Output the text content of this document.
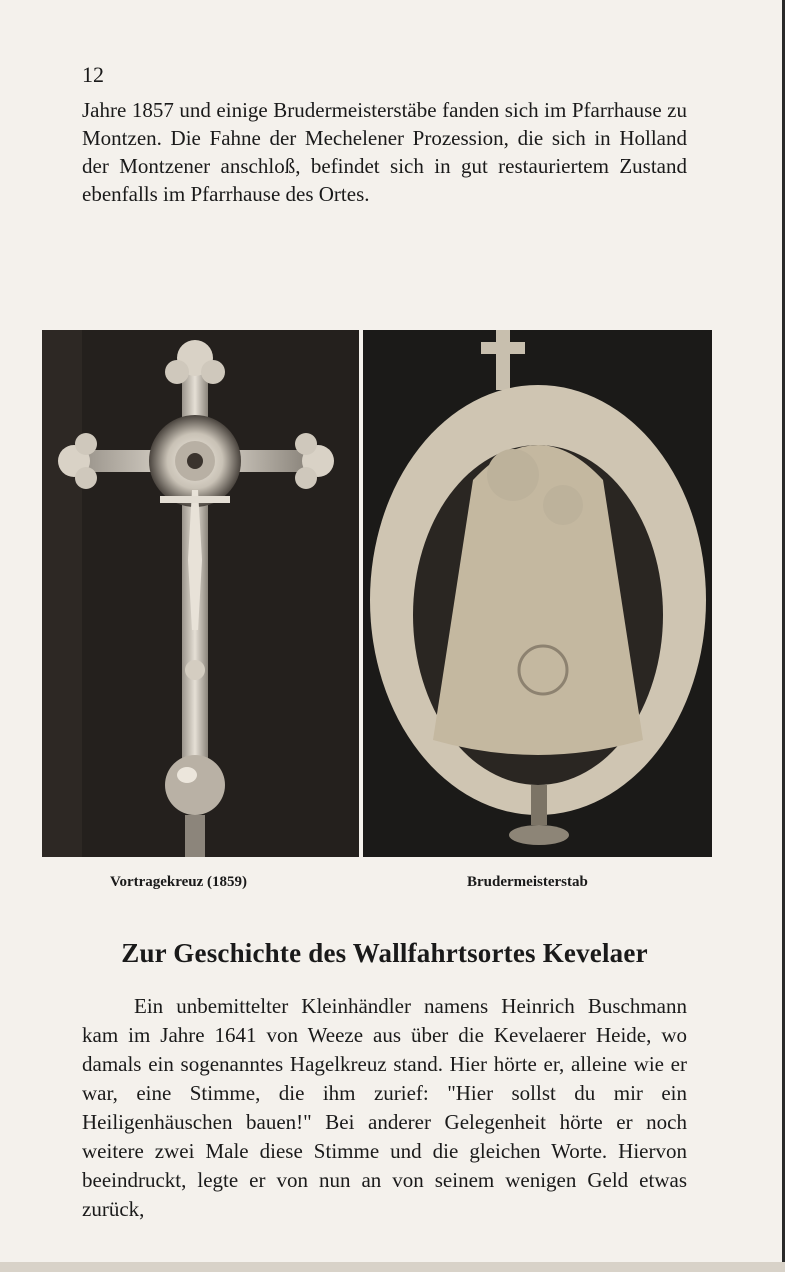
12

Jahre 1857 und einige Brudermeisterstäbe fanden sich im Pfarrhause zu Montzen. Die Fahne der Mechelener Prozession, die sich in Holland der Montzener anschloß, befindet sich in gut restauriertem Zustand ebenfalls im Pfarrhause des Ortes.

Vortragekreuz (1859)	Brudermeisterstab
Zur Geschichte des Wallfahrtsortes Kevelaer

Ein unbemittelter Kleinhändler namens Heinrich Buschmann kam im Jahre 1641 von Weeze aus über die Kevelaerer Heide, wo damals ein sogenanntes Hagelkreuz stand. Hier hörte er, alleine wie er war, eine Stimme, die ihm zurief: "Hier sollst du mir ein Heiligenhäuschen bauen!" Bei anderer Gelegenheit hörte er noch weitere zwei Male diese Stimme und die gleichen Worte. Hiervon beeindruckt, legte er von nun an von seinem wenigen Geld etwas zurück,
